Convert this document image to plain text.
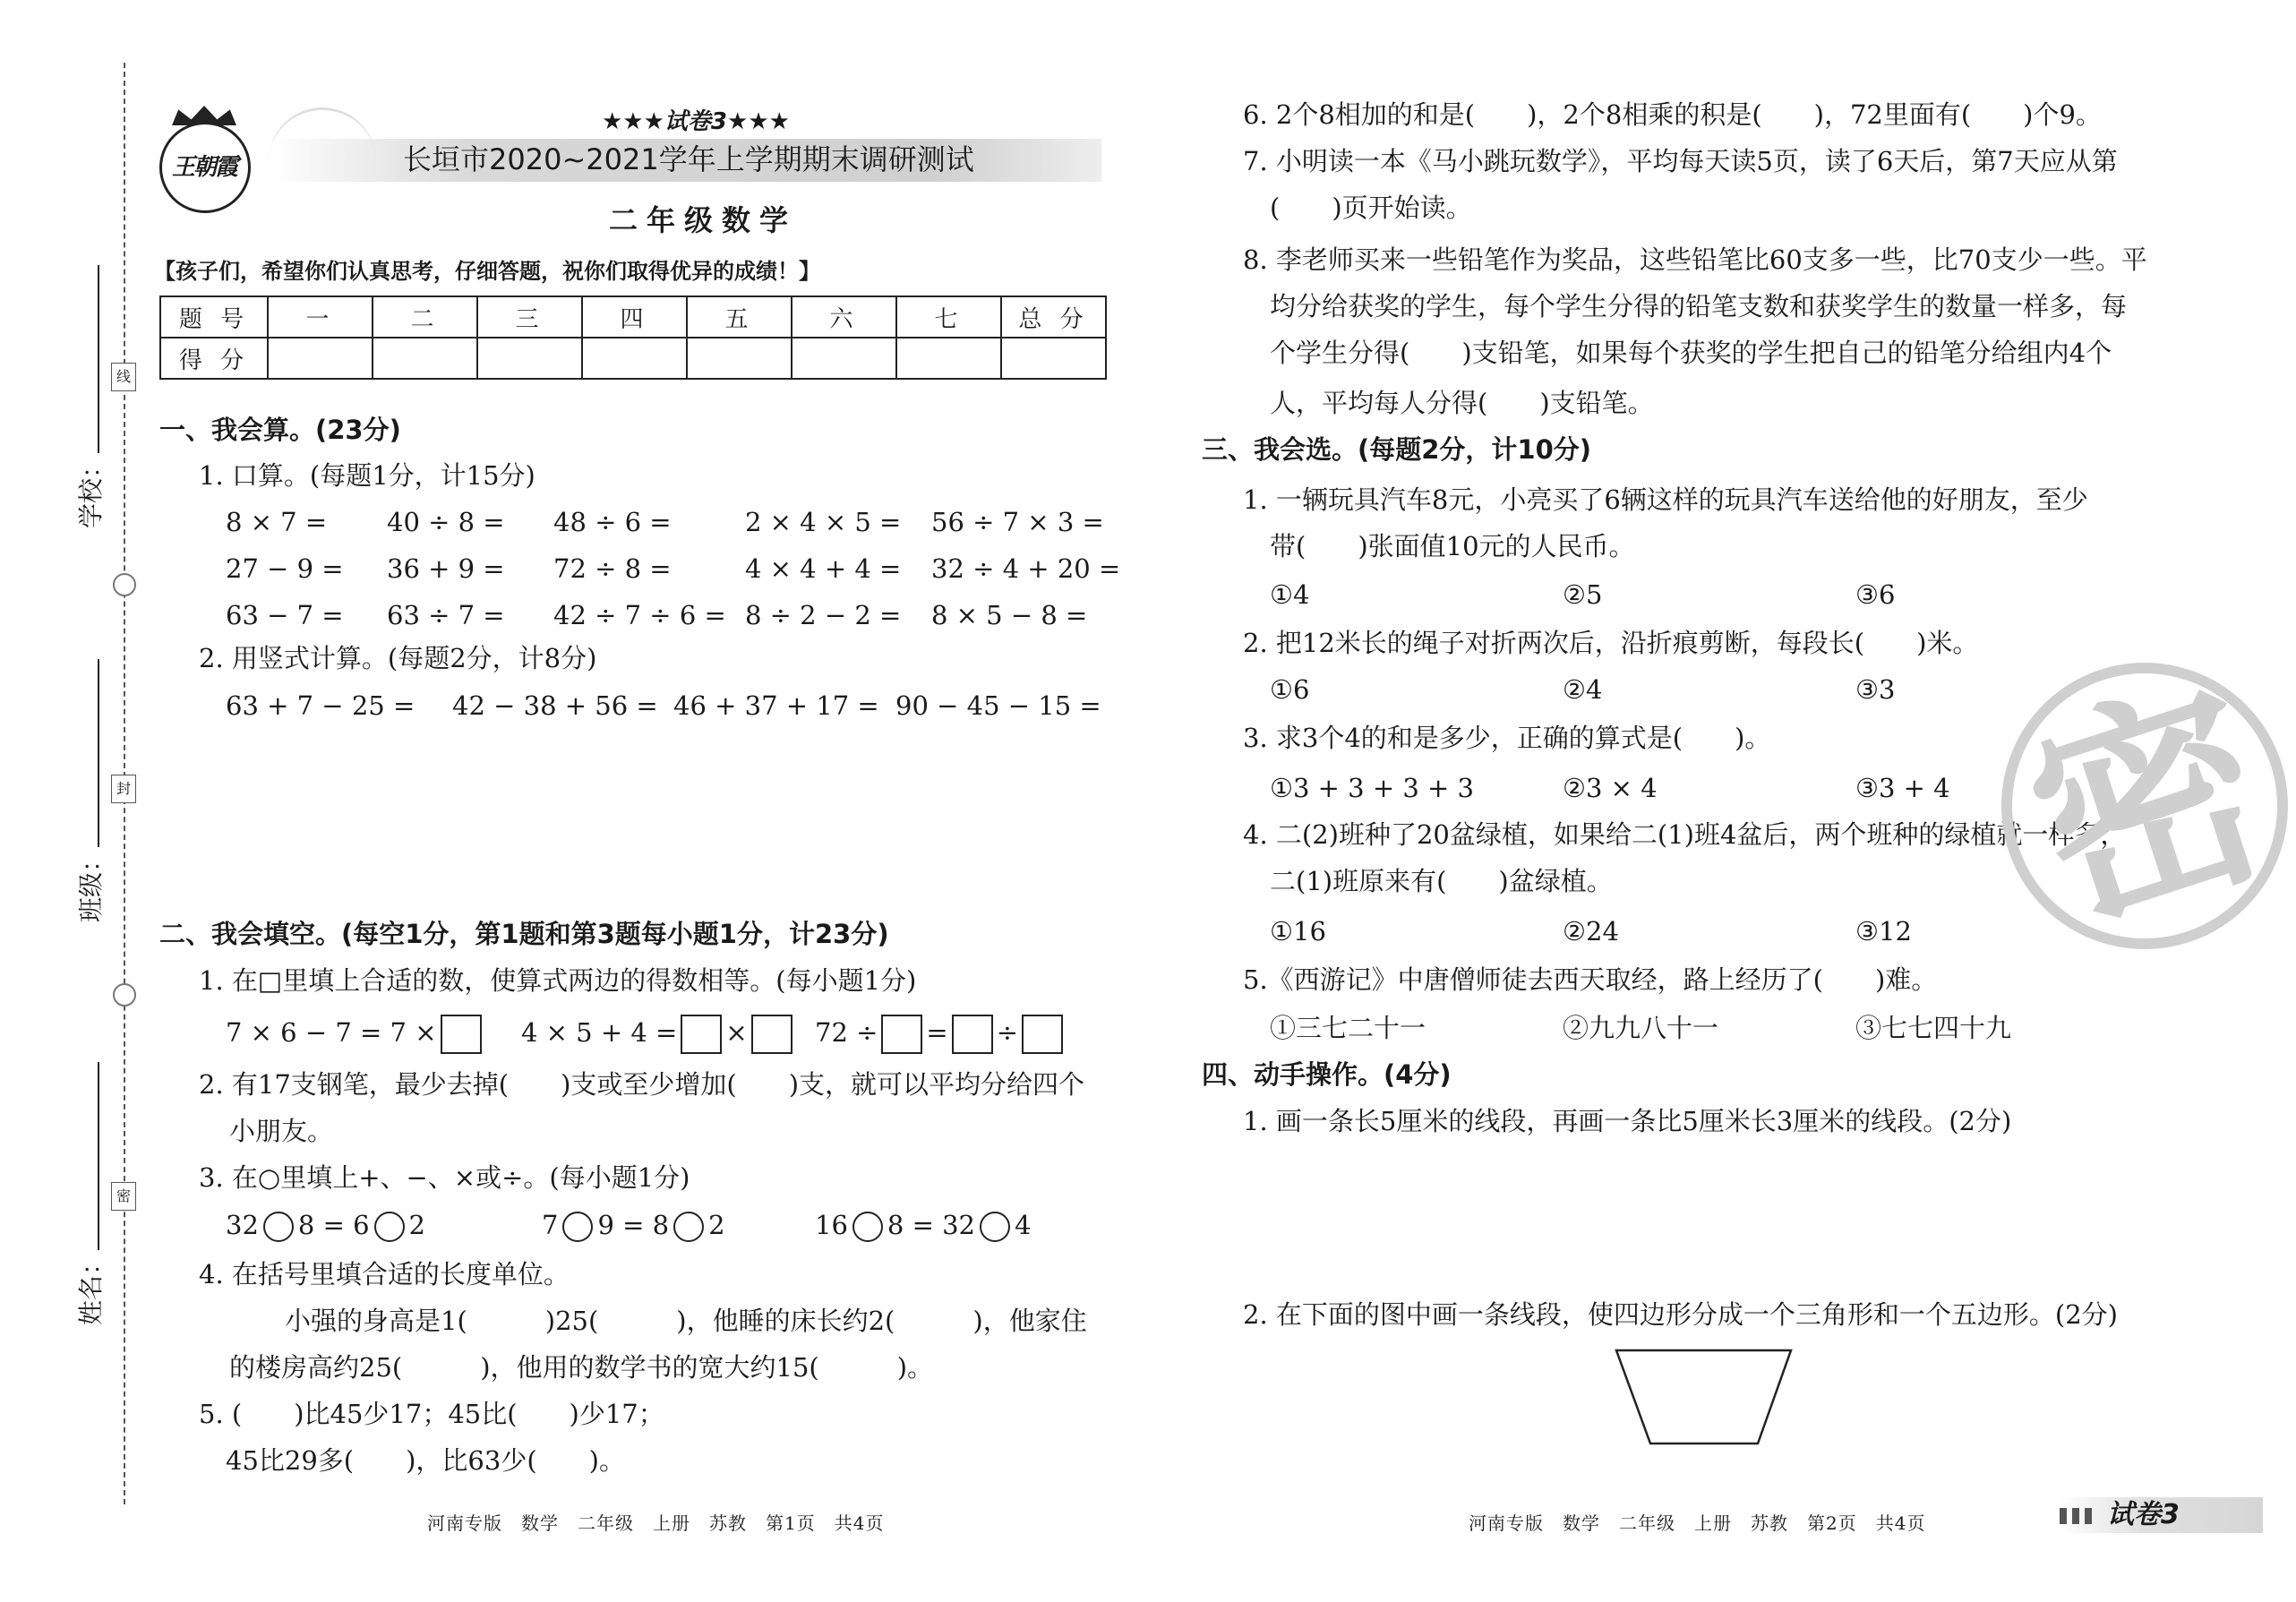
线
封
密
学校：
班级：
姓名：
王朝霞
★★★试卷3★★★
长垣市2020~2021学年上学期期末调研测试
二年级数学
【孩子们，希望你们认真思考，仔细答题，祝你们取得优异的成绩！】
题 号	一	二	三	四	五	六	七	总 分
得 分								
一、我会算。(23分)
1. 口算。(每题1分，计15分)
8 × 7 = 40 ÷ 8 = 48 ÷ 6 =	2 × 4 × 5 = 56 ÷ 7 × 3 =
27 − 9 = 36 + 9 = 72 ÷ 8 =	4 × 4 + 4 = 32 ÷ 4 + 20 =
63 − 7 = 63 ÷ 7 = 42 ÷ 7 ÷ 6 = 8 ÷ 2 − 2 = 8 × 5 − 8 =
2. 用竖式计算。(每题2分，计8分)
63 + 7 − 25 = 42 − 38 + 56 = 46 + 37 + 17 = 90 − 45 − 15 =
二、我会填空。(每空1分，第1题和第3题每小题1分，计23分)
1. 在□里填上合适的数，使算式两边的得数相等。(每小题1分)
7 × 6 − 7 = 7 ×	4 × 5 + 4 = ×	72 ÷ = ÷
2. 有17支钢笔，最少去掉(　　)支或至少增加(　　)支，就可以平均分给四个
小朋友。
3. 在○里填上+、−、×或÷。(每小题1分)
32 8 = 6 2	7 9 = 8 2	16 8 = 32 4
4. 在括号里填合适的长度单位。
小强的身高是1(　　　)25(　　　)，他睡的床长约2(　　　)，他家住
的楼房高约25(　　　)，他用的数学书的宽大约15(　　　)。
5. (　　)比45少17；45比(　　)少17；
45比29多(　　)，比63少(　　)。
6. 2个8相加的和是(　　)，2个8相乘的积是(　　)，72里面有(　　)个9。
7. 小明读一本《马小跳玩数学》，平均每天读5页，读了6天后，第7天应从第
(　　)页开始读。
8. 李老师买来一些铅笔作为奖品，这些铅笔比60支多一些，比70支少一些。平
均分给获奖的学生，每个学生分得的铅笔支数和获奖学生的数量一样多，每
个学生分得(　　)支铅笔，如果每个获奖的学生把自己的铅笔分给组内4个
人，平均每人分得(　　)支铅笔。
三、我会选。(每题2分，计10分)
1. 一辆玩具汽车8元，小亮买了6辆这样的玩具汽车送给他的好朋友，至少
带(　　)张面值10元的人民币。
①4	②5	③6
2. 把12米长的绳子对折两次后，沿折痕剪断，每段长(　　)米。
①6	②4	③3
3. 求3个4的和是多少，正确的算式是(　　)。
①3 + 3 + 3 + 3	②3 × 4	③3 + 4
4. 二(2)班种了20盆绿植，如果给二(1)班4盆后，两个班种的绿植就一样多，
二(1)班原来有(　　)盆绿植。
①16	②24	③12
5.《西游记》中唐僧师徒去西天取经，路上经历了(　　)难。
①三七二十一	②九九八十一	③七七四十九
四、动手操作。(4分)
1. 画一条长5厘米的线段，再画一条比5厘米长3厘米的线段。(2分)
2. 在下面的图中画一条线段，使四边形分成一个三角形和一个五边形。(2分)
密
河南专版　数学　二年级　上册　苏教　第1页　共4页	河南专版　数学　二年级　上册　苏教　第2页　共4页	试卷3
